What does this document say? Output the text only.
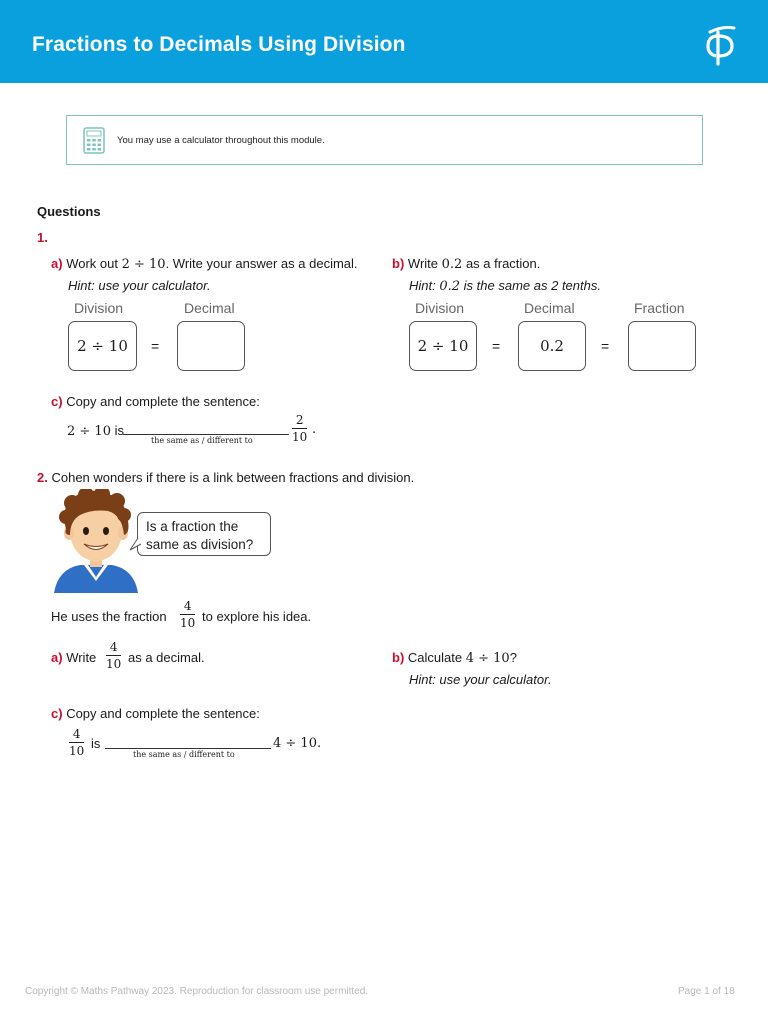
Fractions to Decimals Using Division
You may use a calculator throughout this module.
Questions
1.
a) Work out 2 ÷ 10. Write your answer as a decimal.
Hint: use your calculator.
Division	Decimal
2 ÷ 10 =
b) Write 0.2 as a fraction.
Hint: 0.2 is the same as 2 tenths.
Division	Decimal	Fraction
2 ÷ 10 =	0.2	=
c) Copy and complete the sentence:
2 ÷ 10 is
the same as / different to
2
10 .
2. Cohen wonders if there is a link between fractions and division.
Is a fraction the
same as division?
He uses the fraction
4
10 to explore his idea.
a) Write
4
10 as a decimal.	b) Calculate 4 ÷ 10?
Hint: use your calculator.
c) Copy and complete the sentence:
4
10 is
the same as / different to
4 ÷ 10.
Copyright © Maths Pathway 2023. Reproduction for classroom use permitted.	Page 1 of 18
